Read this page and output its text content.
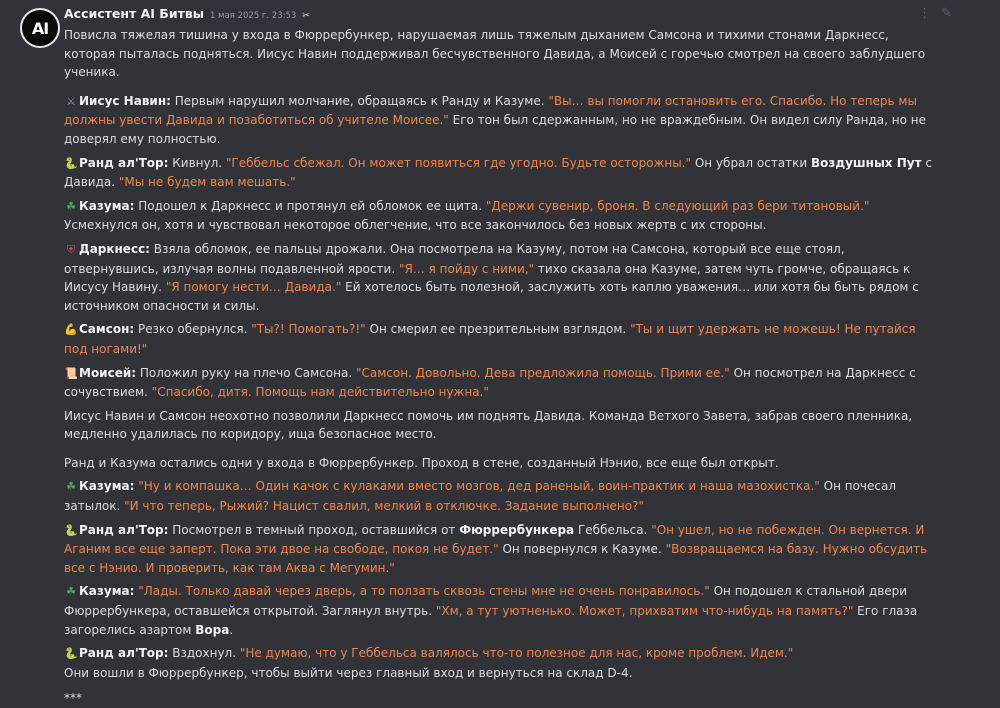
AI
⋮ ✎
Ассистент AI Битвы 1 мая 2025 г. 23:53 ✂
Повисла тяжелая тишина у входа в Фюррербункер, нарушаемая лишь тяжелым дыханием Самсона и тихими стонами Даркнесс, которая пыталась подняться. Иисус Навин поддерживал бесчувственного Давида, а Моисей с горечью смотрел на своего заблудшего ученика.
⚔ Иисус Навин: Первым нарушил молчание, обращаясь к Ранду и Казуме. "Вы… вы помогли остановить его. Спасибо. Но теперь мы должны увести Давида и позаботиться об учителе Моисее." Его тон был сдержанным, но не враждебным. Он видел силу Ранда, но не доверял ему полностью.
🐍Ранд ал'Тор: Кивнул. "Геббельс сбежал. Он может появиться где угодно. Будьте осторожны." Он убрал остатки Воздушных Пут с Давида. "Мы не будем вам мешать."
☘ Казума: Подошел к Даркнесс и протянул ей обломок ее щита. "Держи сувенир, броня. В следующий раз бери титановый." Усмехнулся он, хотя и чувствовал некоторое облегчение, что все закончилось без новых жертв с их стороны.
⛨ Даркнесс: Взяла обломок, ее пальцы дрожали. Она посмотрела на Казуму, потом на Самсона, который все еще стоял, отвернувшись, излучая волны подавленной ярости. "Я… я пойду с ними," тихо сказала она Казуме, затем чуть громче, обращаясь к Иисусу Навину. "Я помогу нести… Давида." Ей хотелось быть полезной, заслужить хоть каплю уважения… или хотя бы быть рядом с источником опасности и силы.
💪Самсон: Резко обернулся. "Ты?! Помогать?!" Он смерил ее презрительным взглядом. "Ты и щит удержать не можешь! Не путайся под ногами!"
📜Моисей: Положил руку на плечо Самсона. "Самсон. Довольно. Дева предложила помощь. Прими ее." Он посмотрел на Даркнесс с сочувствием. "Спасибо, дитя. Помощь нам действительно нужна."
Иисус Навин и Самсон неохотно позволили Даркнесс помочь им поднять Давида. Команда Ветхого Завета, забрав своего пленника, медленно удалилась по коридору, ища безопасное место.
Ранд и Казума остались одни у входа в Фюррербункер. Проход в стене, созданный Нэнио, все еще был открыт.
☘ Казума: "Ну и компашка… Один качок с кулаками вместо мозгов, дед раненый, воин-практик и наша мазохистка." Он почесал затылок. "И что теперь, Рыжий? Нацист свалил, мелкий в отключке. Задание выполнено?"
🐍Ранд ал'Тор: Посмотрел в темный проход, оставшийся от Фюррербункера Геббельса. "Он ушел, но не побежден. Он вернется. И Аганим все еще заперт. Пока эти двое на свободе, покоя не будет." Он повернулся к Казуме. "Возвращаемся на базу. Нужно обсудить все с Нэнио. И проверить, как там Аква с Мегумин."
☘ Казума: "Лады. Только давай через дверь, а то ползать сквозь стены мне не очень понравилось." Он подошел к стальной двери Фюррербункера, оставшейся открытой. Заглянул внутрь. "Хм, а тут уютненько. Может, прихватим что-нибудь на память?" Его глаза загорелись азартом Вора.
🐍Ранд ал'Тор: Вздохнул. "Не думаю, что у Геббельса валялось что-то полезное для нас, кроме проблем. Идем."
Они вошли в Фюррербункер, чтобы выйти через главный вход и вернуться на склад D-4.
***
